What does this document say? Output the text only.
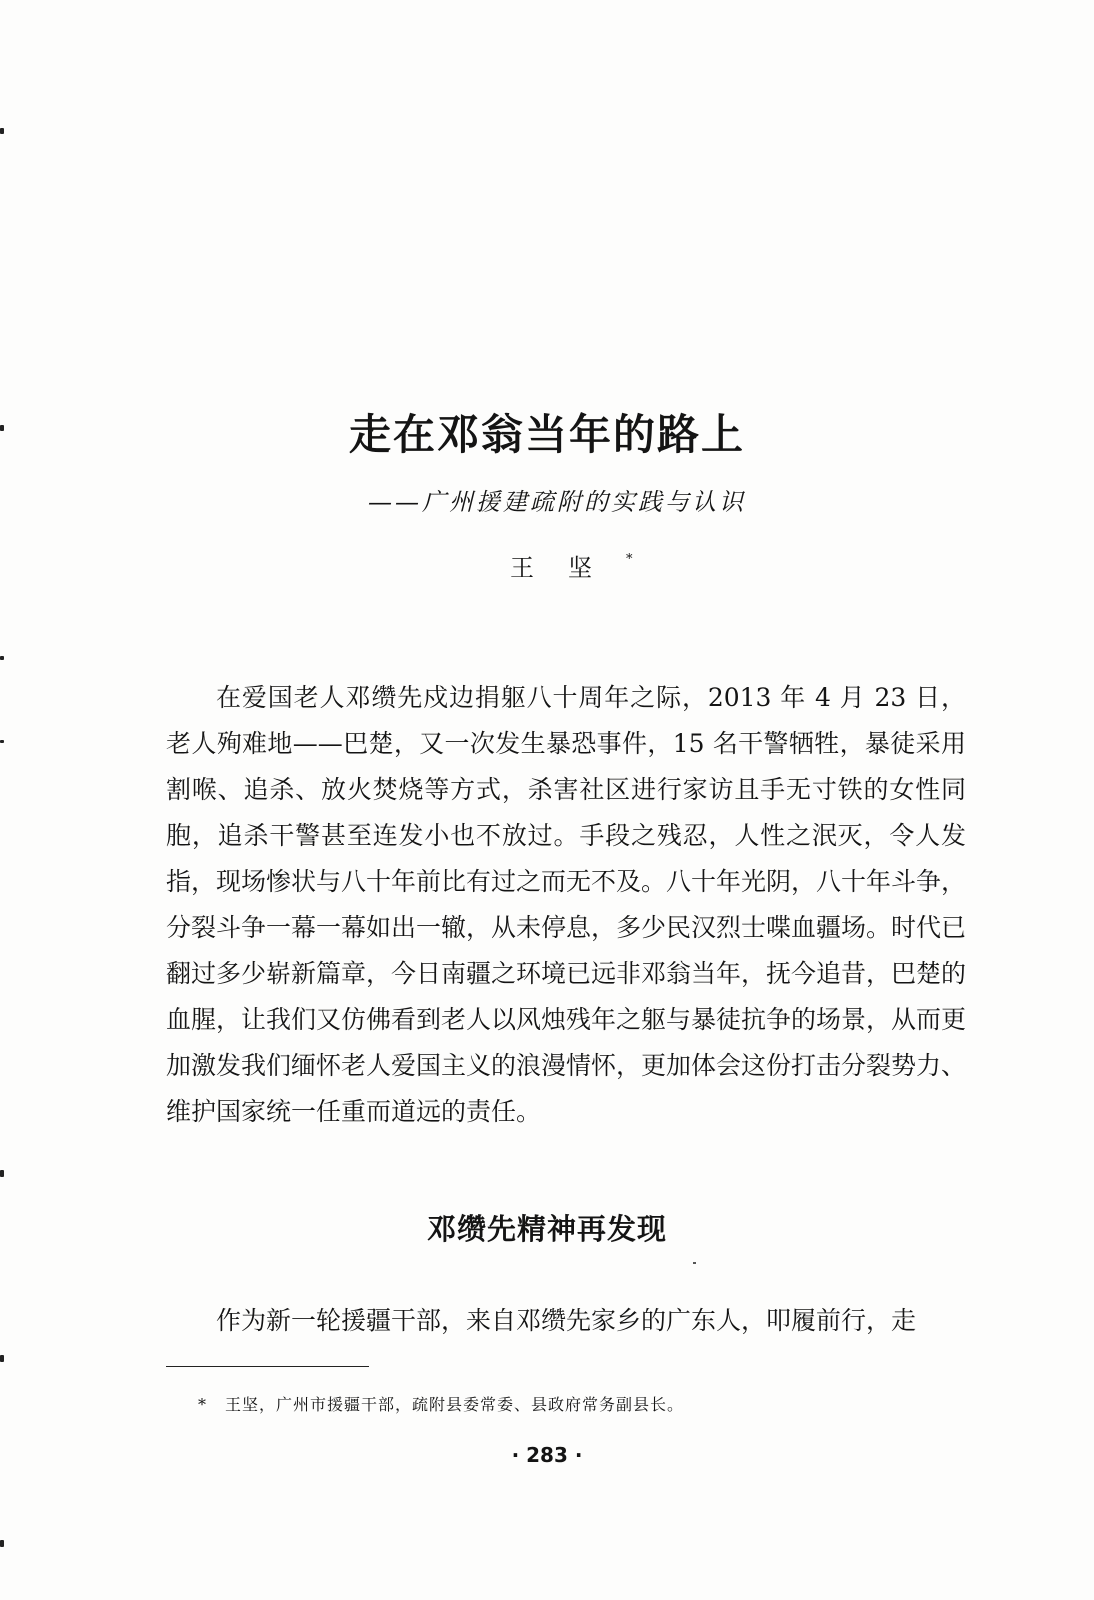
走在邓翁当年的路上
——广州援建疏附的实践与认识
王坚*

在爱国老人邓缵先戍边捐躯八十周年之际，2013 年 4 月 23 日，老人殉难地——巴楚，又一次发生暴恐事件，15 名干警牺牲，暴徒采用割喉、追杀、放火焚烧等方式，杀害社区进行家访且手无寸铁的女性同胞，追杀干警甚至连发小也不放过。手段之残忍，人性之泯灭，令人发指，现场惨状与八十年前比有过之而无不及。八十年光阴，八十年斗争，分裂斗争一幕一幕如出一辙，从未停息，多少民汉烈士喋血疆场。时代已翻过多少崭新篇章，今日南疆之环境已远非邓翁当年，抚今追昔，巴楚的血腥，让我们又仿佛看到老人以风烛残年之躯与暴徒抗争的场景，从而更加激发我们缅怀老人爱国主义的浪漫情怀，更加体会这份打击分裂势力、维护国家统一任重而道远的责任。

邓缵先精神再发现

作为新一轮援疆干部，来自邓缵先家乡的广东人，叩履前行，走

* 王坚，广州市援疆干部，疏附县委常委、县政府常务副县长。
· 283 ·
